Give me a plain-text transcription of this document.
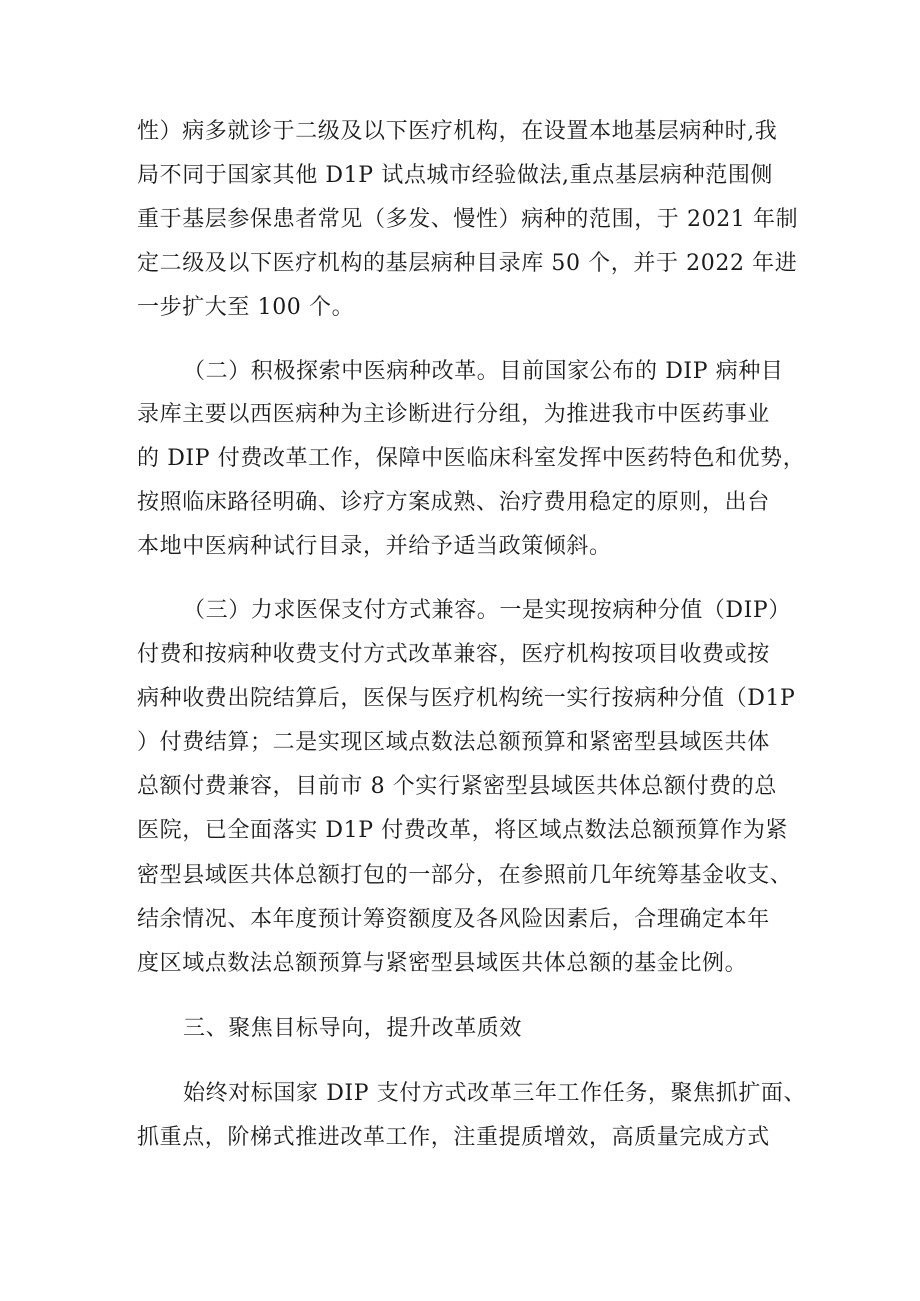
性）病多就诊于二级及以下医疗机构，在设置本地基层病种时,我
局不同于国家其他 D1P 试点城市经验做法,重点基层病种范围侧
重于基层参保患者常见（多发、慢性）病种的范围，于 2021 年制
定二级及以下医疗机构的基层病种目录库 50 个，并于 2022 年进
一步扩大至 100 个。
（二）积极探索中医病种改革。目前国家公布的 DIP 病种目
录库主要以西医病种为主诊断进行分组，为推进我市中医药事业
的 DIP 付费改革工作，保障中医临床科室发挥中医药特色和优势，
按照临床路径明确、诊疗方案成熟、治疗费用稳定的原则，出台
本地中医病种试行目录，并给予适当政策倾斜。
（三）力求医保支付方式兼容。一是实现按病种分值（DIP）
付费和按病种收费支付方式改革兼容，医疗机构按项目收费或按
病种收费出院结算后，医保与医疗机构统一实行按病种分值（D1P
）付费结算；二是实现区域点数法总额预算和紧密型县域医共体
总额付费兼容，目前市 8 个实行紧密型县域医共体总额付费的总
医院，已全面落实 D1P 付费改革，将区域点数法总额预算作为紧
密型县域医共体总额打包的一部分，在参照前几年统筹基金收支、
结余情况、本年度预计筹资额度及各风险因素后，合理确定本年
度区域点数法总额预算与紧密型县域医共体总额的基金比例。
三、聚焦目标导向，提升改革质效
始终对标国家 DIP 支付方式改革三年工作任务，聚焦抓扩面、
抓重点，阶梯式推进改革工作，注重提质增效，高质量完成方式
